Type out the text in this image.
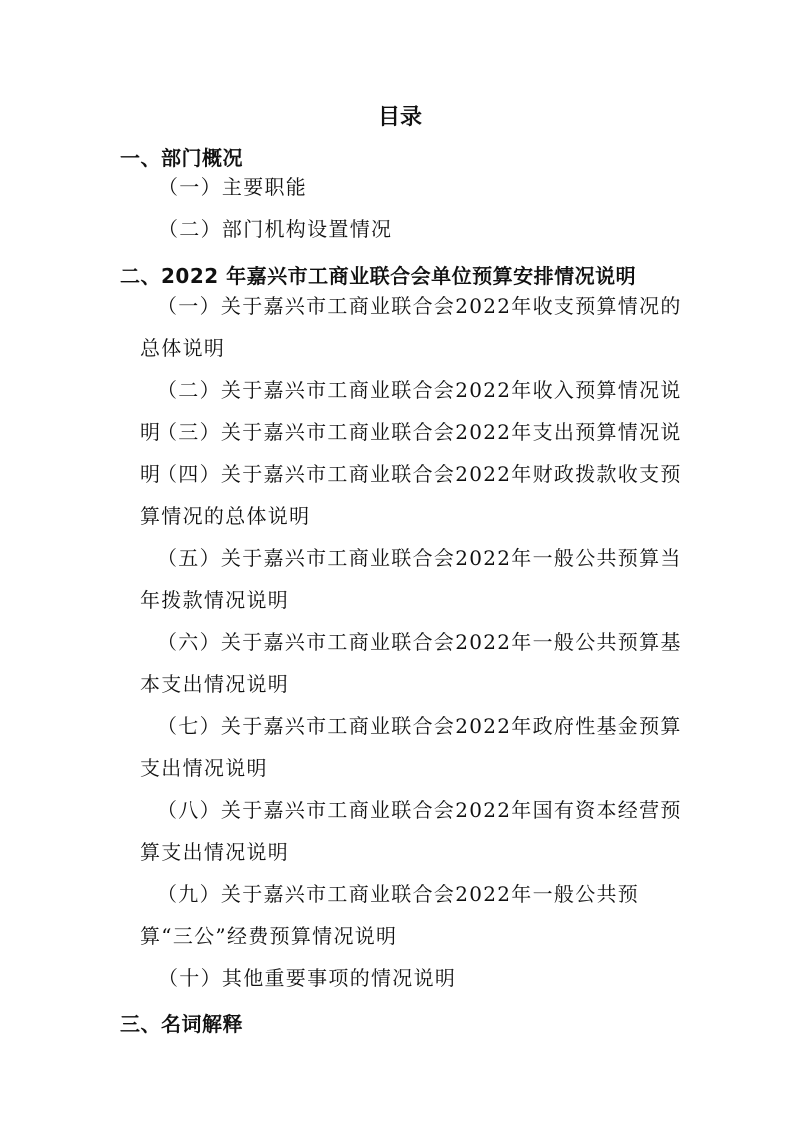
目录
一、部门概况
（一）主要职能
（二）部门机构设置情况
二、2022 年嘉兴市工商业联合会单位预算安排情况说明
（一）关于嘉兴市工商业联合会2022年收支预算情况的总体说明
（二）关于嘉兴市工商业联合会2022年收入预算情况说明
（三）关于嘉兴市工商业联合会2022年支出预算情况说明
（四）关于嘉兴市工商业联合会2022年财政拨款收支预算情况的总体说明
（五）关于嘉兴市工商业联合会2022年一般公共预算当年拨款情况说明
（六）关于嘉兴市工商业联合会2022年一般公共预算基本支出情况说明
（七）关于嘉兴市工商业联合会2022年政府性基金预算支出情况说明
（八）关于嘉兴市工商业联合会2022年国有资本经营预算支出情况说明
（九）关于嘉兴市工商业联合会2022年一般公共预算“三公”经费预算情况说明
（十）其他重要事项的情况说明
三、名词解释
